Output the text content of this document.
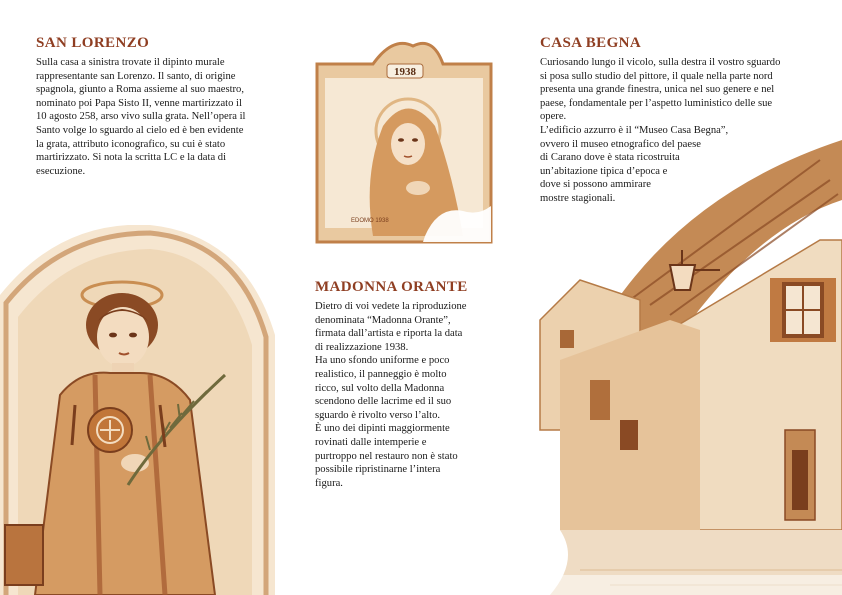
SAN LORENZO
Sulla casa a sinistra trovate il dipinto murale
rappresentante san Lorenzo. Il santo, di origine
spagnola, giunto a Roma assieme al suo maestro,
nominato poi Papa Sisto II, venne martirizzato il
10 agosto 258, arso vivo sulla grata. Nell’opera il
Santo volge lo sguardo al cielo ed è ben evidente
la grata, attributo iconografico, su cui è stato
martirizzato. Si nota la scritta LC e la data di
esecuzione.
MADONNA ORANTE
Dietro di voi vedete la riproduzione
denominata “Madonna Orante”,
firmata dall’artista e riporta la data
di realizzazione 1938.
Ha uno sfondo uniforme e poco
realistico, il panneggio è molto
ricco, sul volto della Madonna
scendono delle lacrime ed il suo
sguardo è rivolto verso l’alto.
È uno dei dipinti maggiormente
rovinati dalle intemperie e
purtroppo nel restauro non è stato
possibile ripristinarne l’intera
figura.
CASA BEGNA
Curiosando lungo il vicolo, sulla destra il vostro sguardo
si posa sullo studio del pittore, il quale nella parte nord
presenta una grande finestra, unica nel suo genere e nel
paese, fondamentale per l’aspetto luministico delle sue
opere.
L’edificio azzurro è il “Museo Casa Begna”,
ovvero il museo etnografico del paese
di Carano dove è stata ricostruita
un’abitazione tipica d’epoca e
dove si possono ammirare
mostre stagionali.
1938
EDOMO 1938
